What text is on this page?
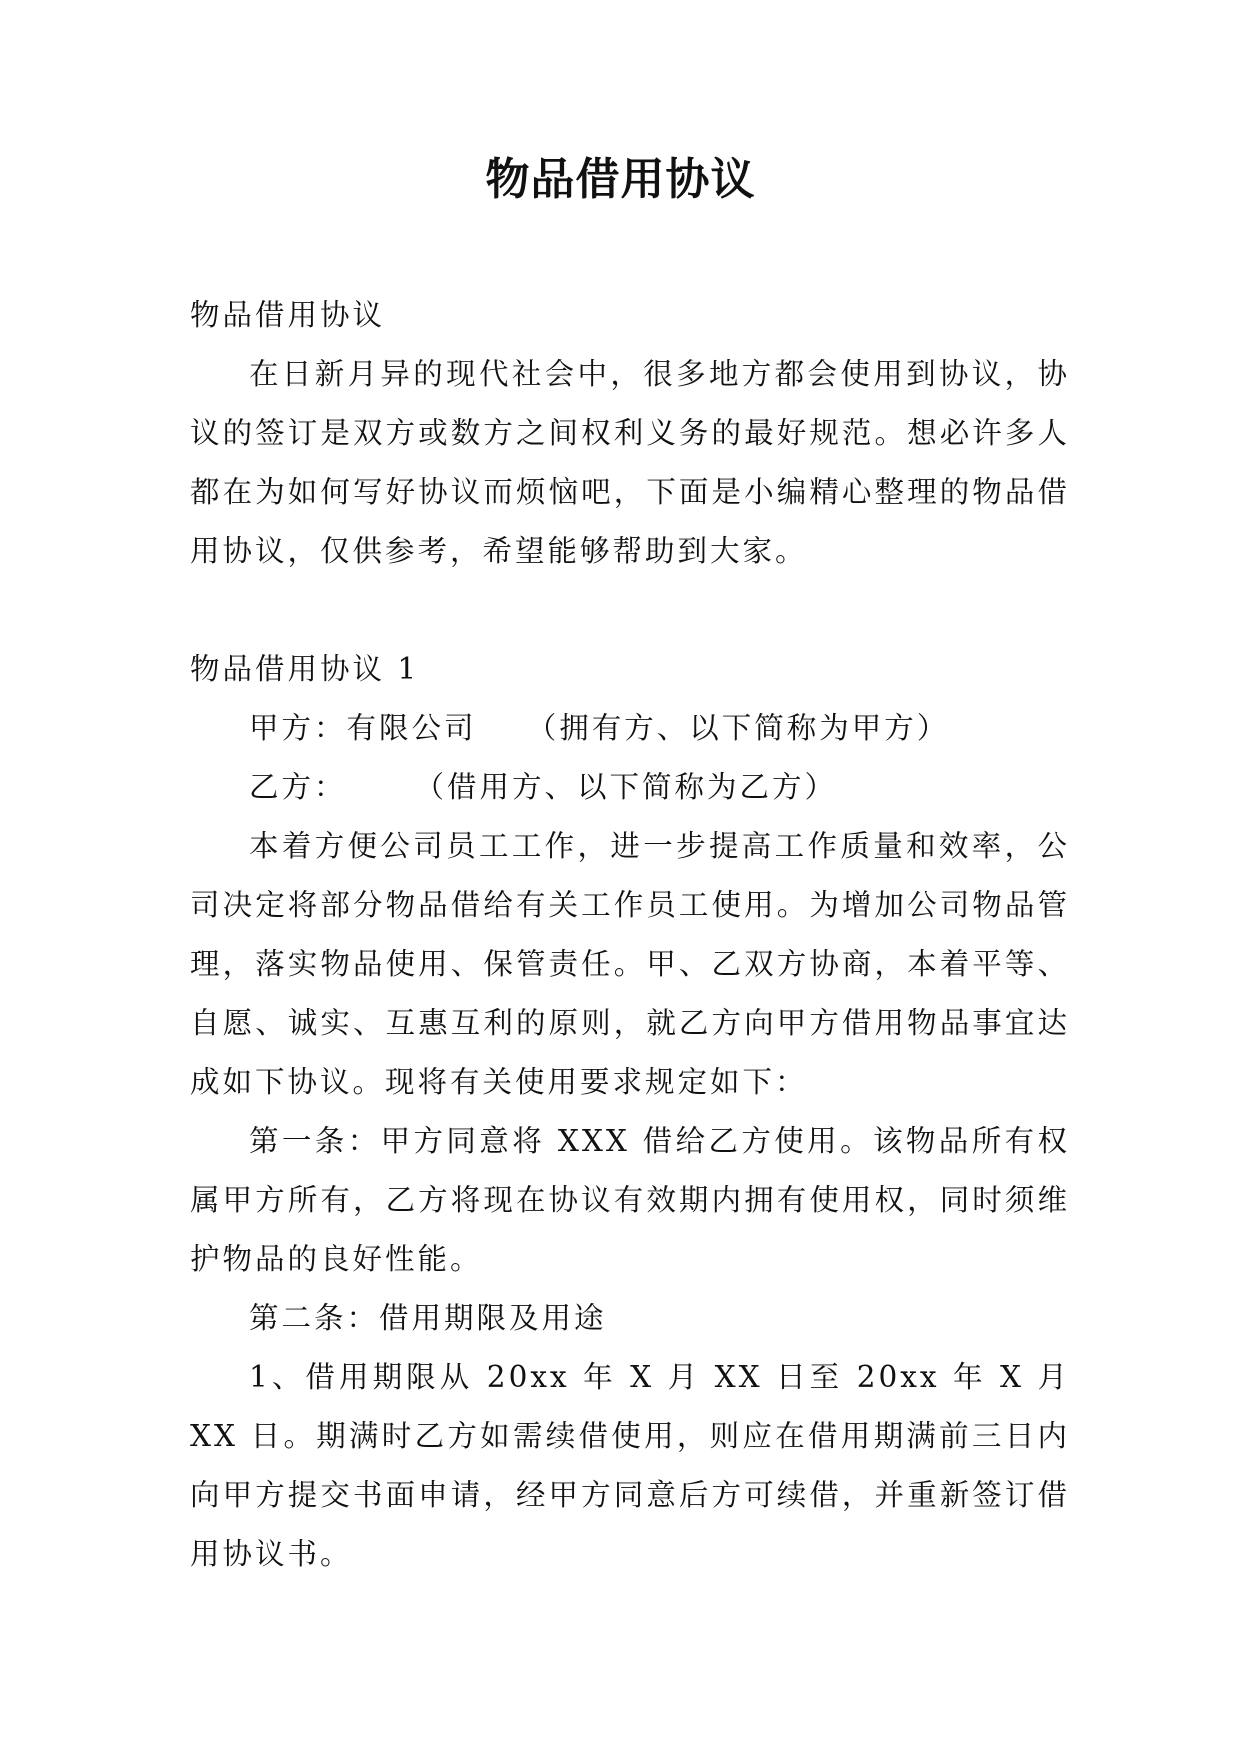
物品借用协议

物品借用协议

在日新月异的现代社会中，很多地方都会使用到协议，协议的签订是双方或数方之间权利义务的最好规范。想必许多人都在为如何写好协议而烦恼吧，下面是小编精心整理的物品借用协议，仅供参考，希望能够帮助到大家。

物品借用协议 1

甲方：有限公司　　（拥有方、以下简称为甲方）

乙方：　　　（借用方、以下简称为乙方）

本着方便公司员工工作，进一步提高工作质量和效率，公司决定将部分物品借给有关工作员工使用。为增加公司物品管理，落实物品使用、保管责任。甲、乙双方协商，本着平等、自愿、诚实、互惠互利的原则，就乙方向甲方借用物品事宜达成如下协议。现将有关使用要求规定如下：

第一条：甲方同意将 XXX 借给乙方使用。该物品所有权属甲方所有，乙方将现在协议有效期内拥有使用权，同时须维护物品的良好性能。

第二条：借用期限及用途

1、借用期限从 20xx 年 X 月 XX 日至 20xx 年 X 月 XX 日。期满时乙方如需续借使用，则应在借用期满前三日内向甲方提交书面申请，经甲方同意后方可续借，并重新签订借用协议书。
